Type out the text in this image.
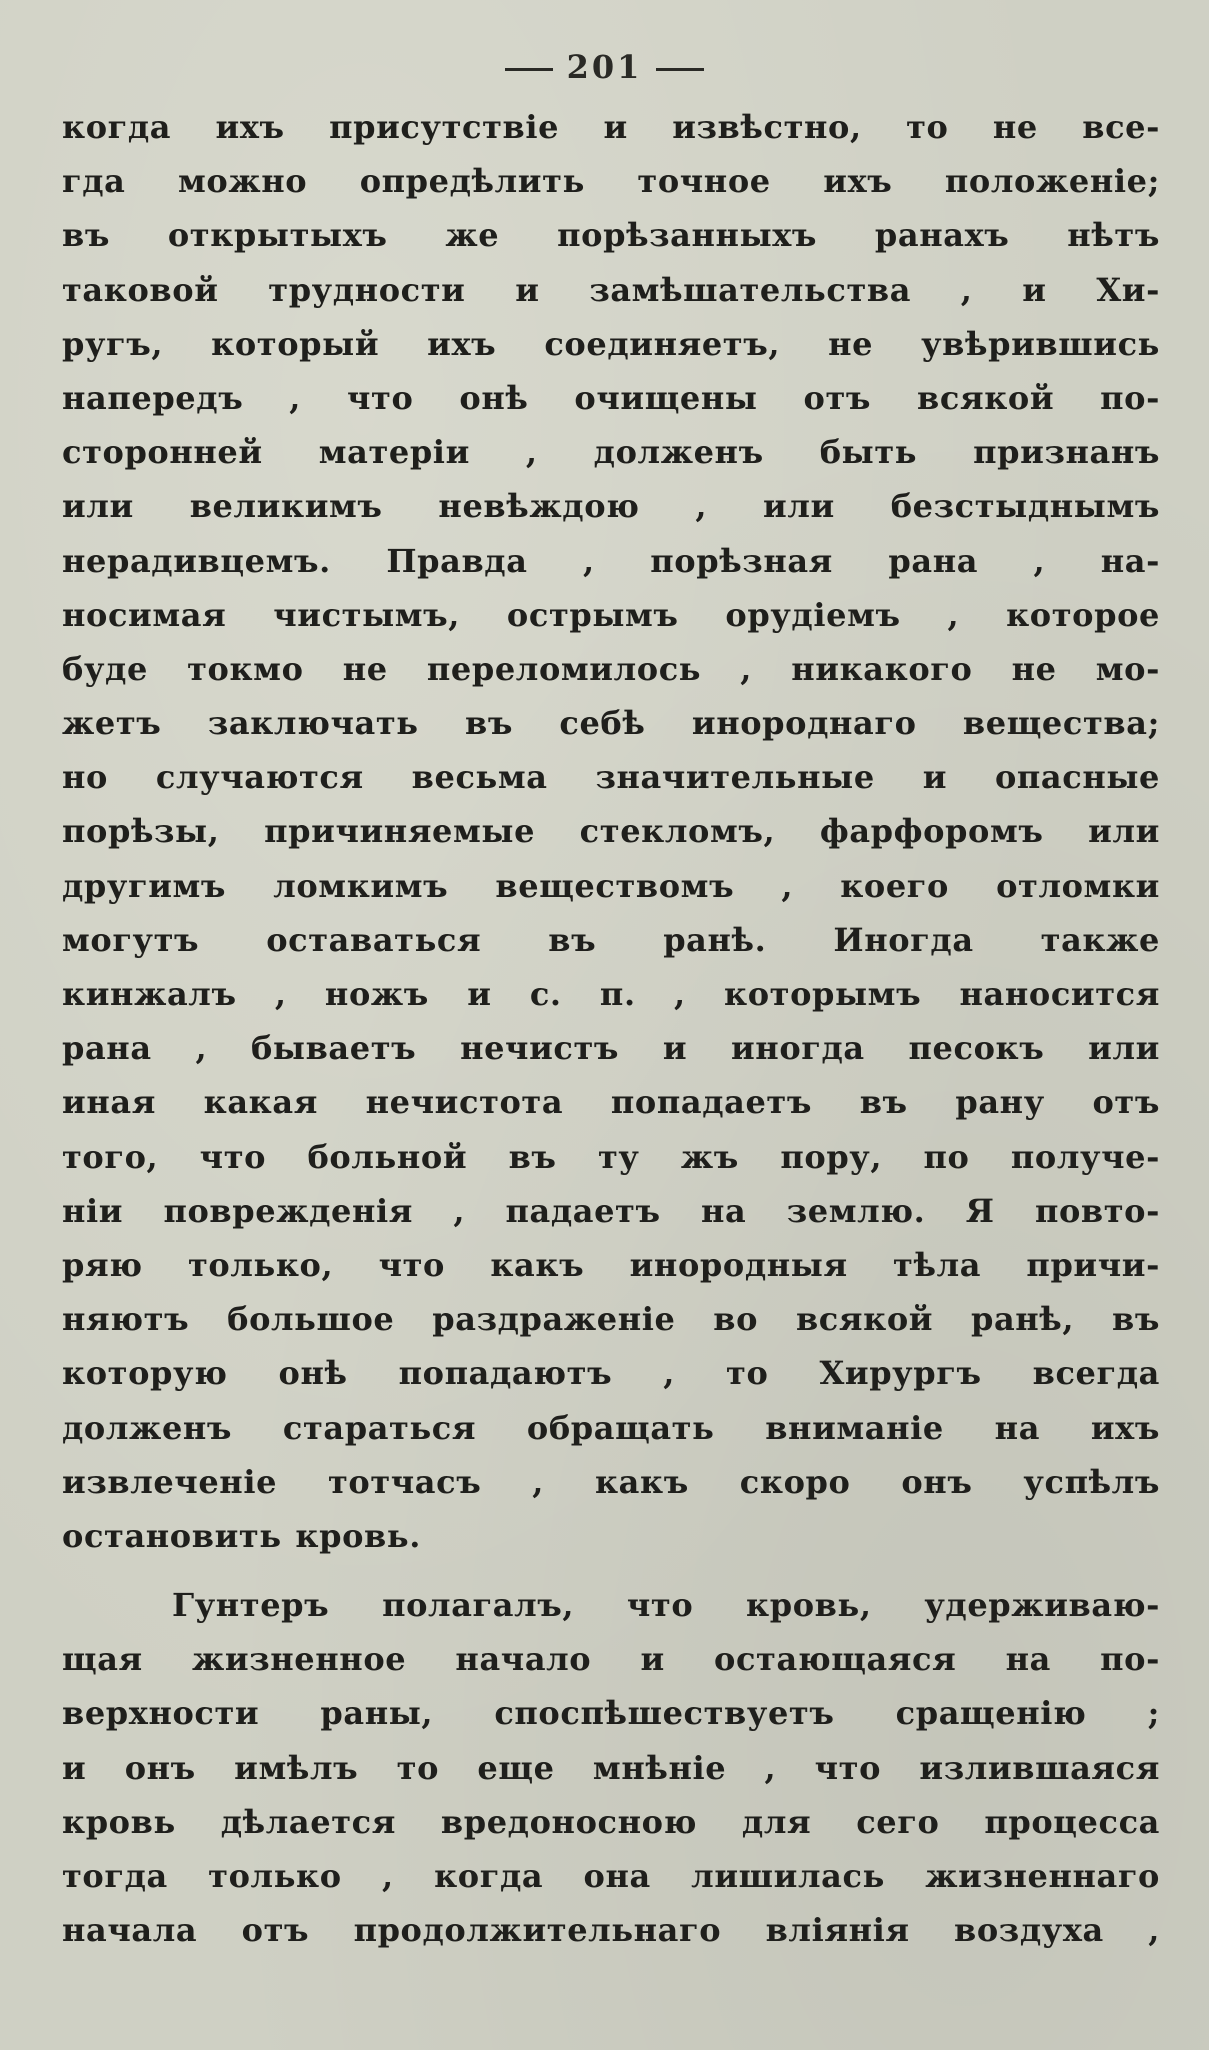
201
когда ихъ присутствіе и извѣстно, то не все-
гда можно опредѣлить точное ихъ положеніе;
въ открытыхъ же порѣзанныхъ ранахъ нѣтъ
таковой трудности и замѣшательства , и Хи-
ругъ, который ихъ соединяетъ, не увѣрившись
напередъ , что онѣ очищены отъ всякой по-
сторонней матеріи , долженъ быть признанъ
или великимъ невѣждою , или безстыднымъ
нерадивцемъ. Правда , порѣзная рана , на-
носимая чистымъ, острымъ орудіемъ , которое
буде токмо не переломилось , никакого не мо-
жетъ заключать въ себѣ инороднаго вещества;
но случаются весьма значительные и опасные
порѣзы, причиняемые стекломъ, фарфоромъ или
другимъ ломкимъ веществомъ , коего отломки
могутъ оставаться въ ранѣ. Иногда также
кинжалъ , ножъ и с. п. , которымъ наносится
рана , бываетъ нечистъ и иногда песокъ или
иная какая нечистота попадаетъ въ рану отъ
того, что больной въ ту жъ пору, по получе-
ніи поврежденія , падаетъ на землю. Я повто-
ряю только, что какъ инородныя тѣла причи-
няютъ большое раздраженіе во всякой ранѣ, въ
которую онѣ попадаютъ , то Хирургъ всегда
долженъ стараться обращать вниманіе на ихъ
извлеченіе тотчасъ , какъ скоро онъ успѣлъ
остановить кровь.
Гунтеръ полагалъ, что кровь, удерживаю-
щая жизненное начало и остающаяся на по-
верхности раны, споспѣшествуетъ сращенію ;
и онъ имѣлъ то еще мнѣніе , что излившаяся
кровь дѣлается вредоносною для сего процесса
тогда только , когда она лишилась жизненнаго
начала отъ продолжительнаго вліянія воздуха ,
